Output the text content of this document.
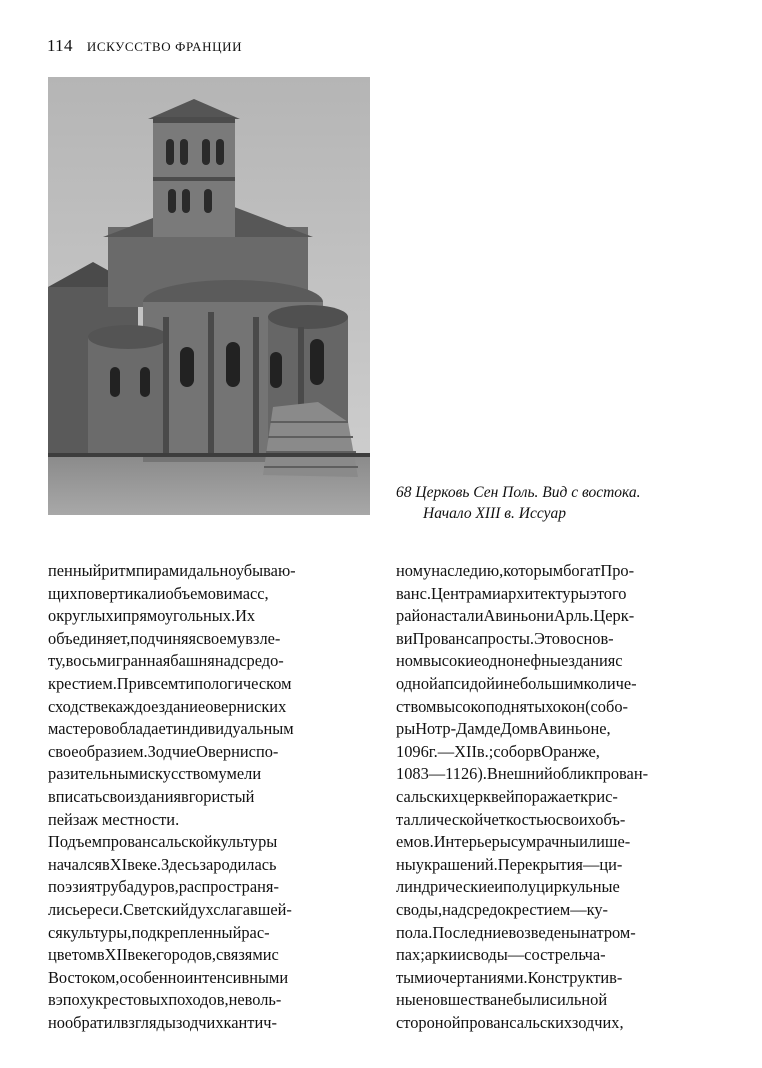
114 ИСКУССТВО ФРАНЦИИ
68 Церковь Сен Поль. Вид с востока.
Начало XIII в. Иссуар
пенныйритмпирамидальноубываю-
щихповертикалиобъемовимасс,
округлыхипрямоугольных.Их
объединяет,подчиняясвоемувзле-
ту,восьмиграннаябашнянадсредо-
крестием.Привсемтипологическом
сходствекаждоезданиеоверниских
мастеровобладаетиндивидуальным
своеобразием.ЗодчиеОверниспо-
разительнымискусствомумели
вписатьсвоизданиявгористый
пейзаж местности.
Подъемпровансальскойкультуры
началсявXIвеке.Здесьзародилась
поэзиятрубадуров,распространя-
лисьереси.Светскийдухслагавшей-
сякультуры,подкрепленныйрас-
цветомвXIIвекегородов,связямис
Востоком,особенноинтенсивными
вэпохукрестовыхпоходов,неволь-
нообратилвзглядызодчихкантич-
номунаследию,которымбогатПро-
ванс.Центрамиархитектурыэтого
районасталиАвиньониАрль.Церк-
виПровансапросты.Этовоснов-
номвысокиеоднонефныезданияс
однойапсидойинебольшимколиче-
ствомвысокоподнятыхокон(собо-
рыНотр-ДамдеДомвАвиньоне,
1096г.—XIIв.;соборвОранже,
1083—1126).Внешнийобликпрован-
сальскихцерквейпоражаеткрис-
таллическойчеткостьюсвоихобъ-
емов.Интерьерысумрачныилише-
ныукрашений.Перекрытия—ци-
линдрическиеиполуциркульные
своды,надсредокрестием—ку-
пола.Последниевозведенынатром-
пах;аркиисводы—сострельча-
тымиочертаниями.Конструктив-
ныеновшестванебылисильной
сторонойпровансальскихзодчих,
